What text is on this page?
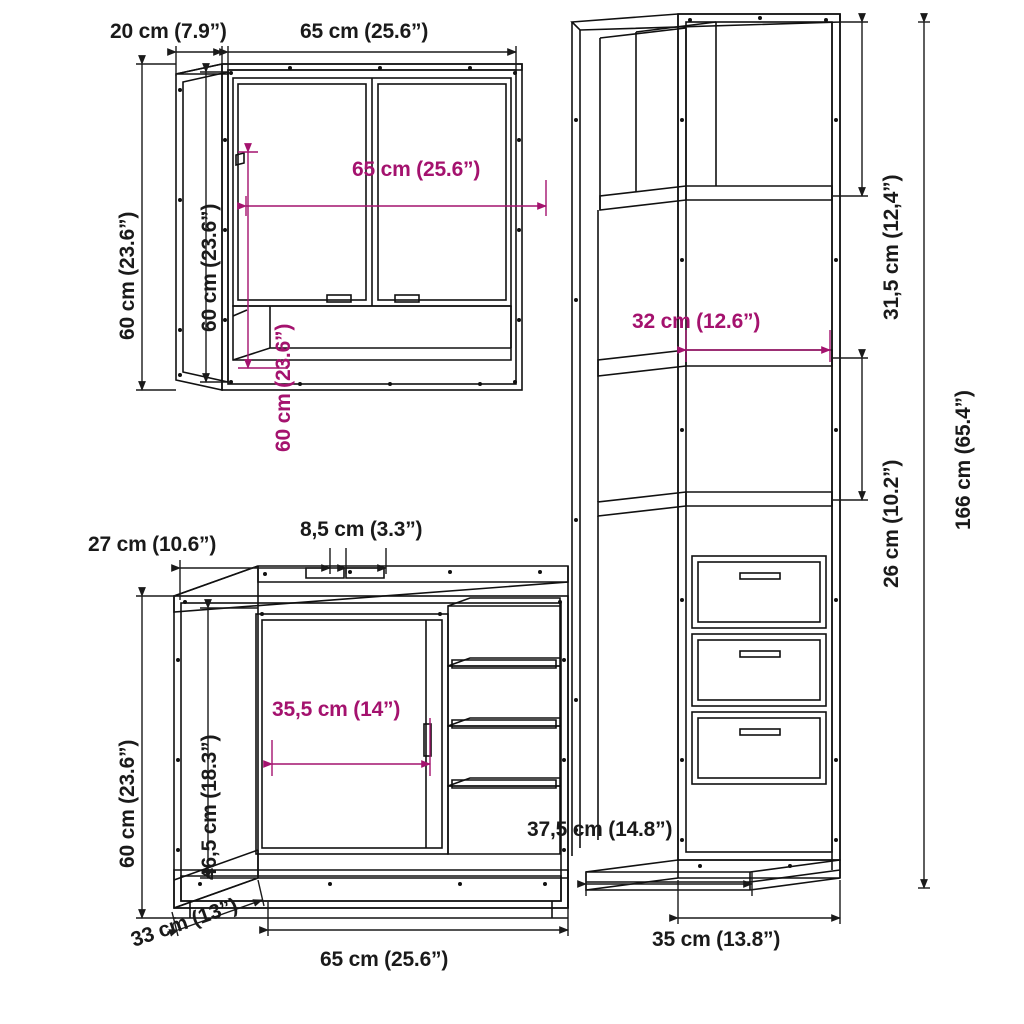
20 cm (7.9”)	65 cm (25.6”)
60 cm (23.6”)	60 cm (23.6”)
65 cm (25.6”)
60 cm (23.6”)
31,5 cm (12,4”)
26 cm (10.2”) 166 cm (65.4”)
32 cm (12.6”)
35 cm (13.8”)
37,5 cm (14.8”)
27 cm (10.6”)
8,5 cm (3.3”)
60 cm (23.6”)	46,5 cm (18.3”)
35,5 cm (14”)
33 cm (13”)
65 cm (25.6”)
